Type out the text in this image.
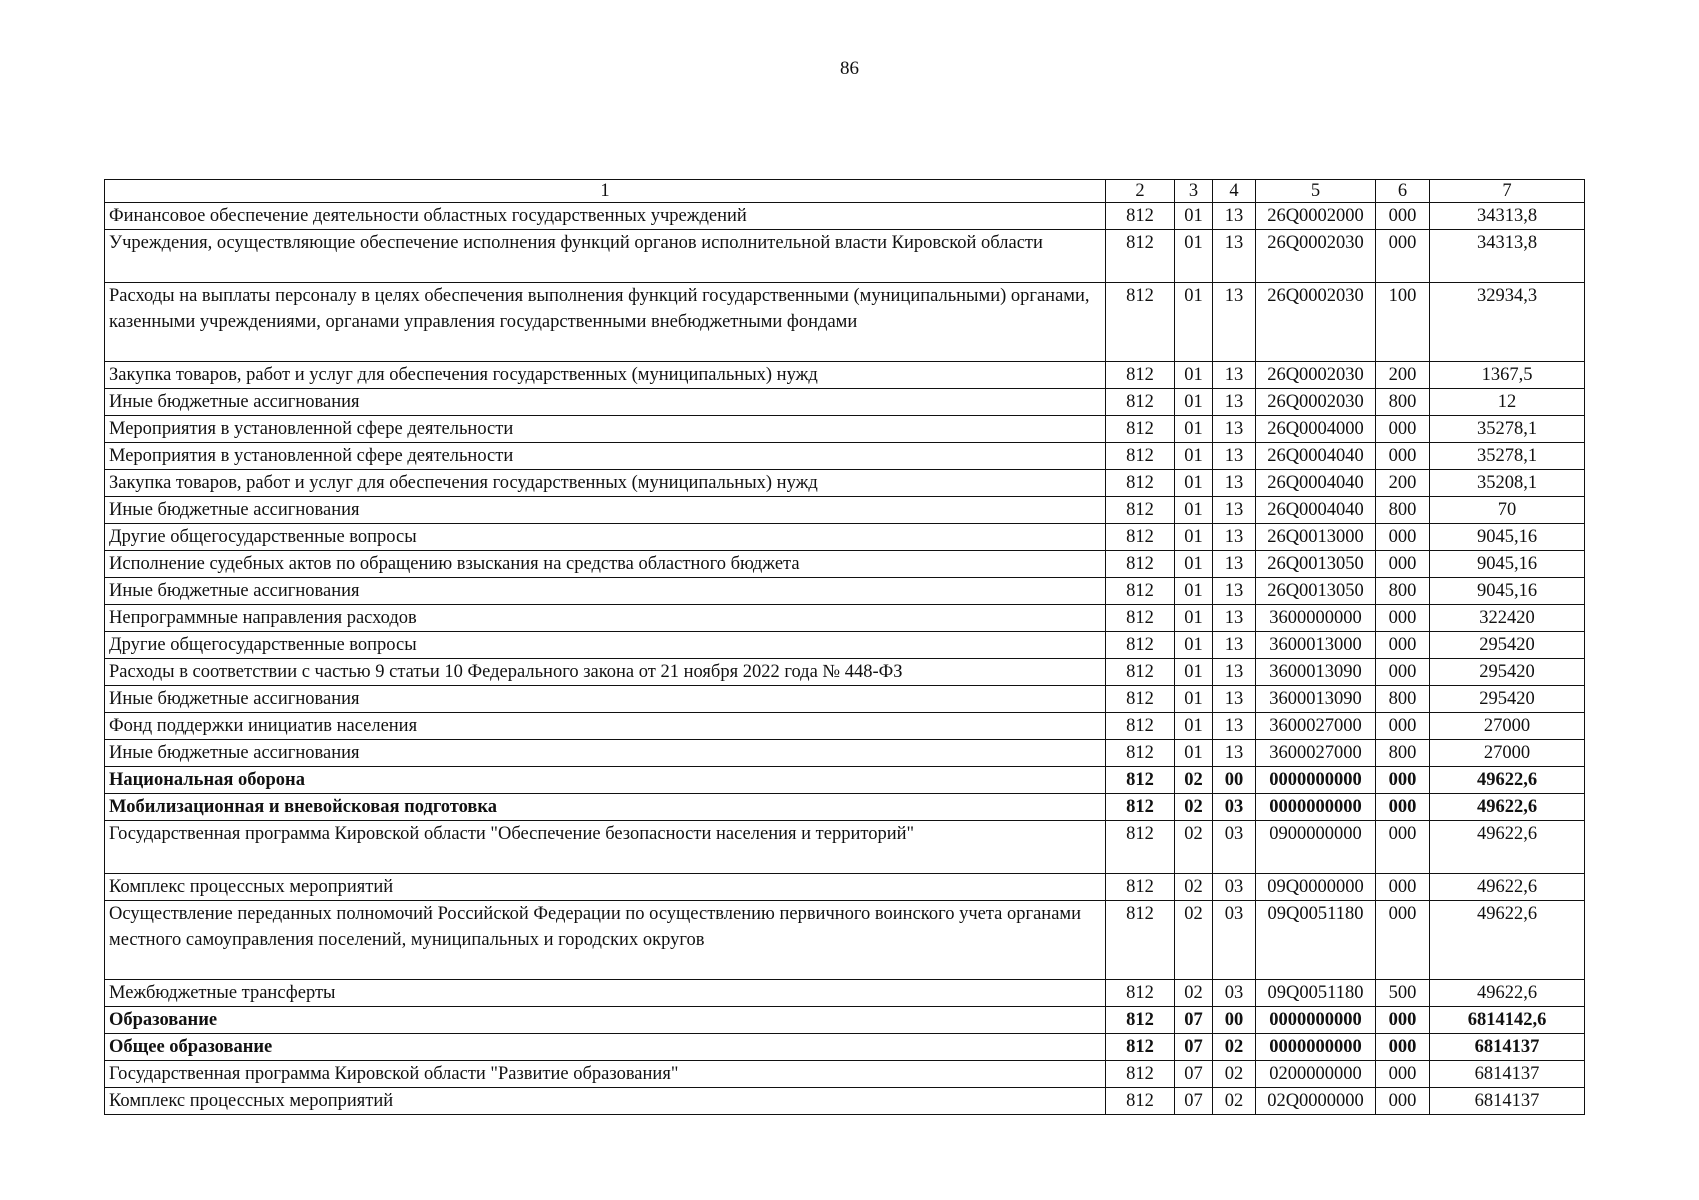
86
1	2	3	4	5	6	7
Финансовое обеспечение деятельности областных государственных учреждений	812	01	13	26Q0002000	000	34313,8
Учреждения, осуществляющие обеспечение исполнения функций органов исполнительной власти Кировской области	812	01	13	26Q0002030	000	34313,8
Расходы на выплаты персоналу в целях обеспечения выполнения функций государственными (муниципальными) органами, казенными учреждениями, органами управления государственными внебюджетными фондами	812	01	13	26Q0002030	100	32934,3
Закупка товаров, работ и услуг для обеспечения государственных (муниципальных) нужд	812	01	13	26Q0002030	200	1367,5
Иные бюджетные ассигнования	812	01	13	26Q0002030	800	12
Мероприятия в установленной сфере деятельности	812	01	13	26Q0004000	000	35278,1
Мероприятия в установленной сфере деятельности	812	01	13	26Q0004040	000	35278,1
Закупка товаров, работ и услуг для обеспечения государственных (муниципальных) нужд	812	01	13	26Q0004040	200	35208,1
Иные бюджетные ассигнования	812	01	13	26Q0004040	800	70
Другие общегосударственные вопросы	812	01	13	26Q0013000	000	9045,16
Исполнение судебных актов по обращению взыскания на средства областного бюджета	812	01	13	26Q0013050	000	9045,16
Иные бюджетные ассигнования	812	01	13	26Q0013050	800	9045,16
Непрограммные направления расходов	812	01	13	3600000000	000	322420
Другие общегосударственные вопросы	812	01	13	3600013000	000	295420
Расходы в соответствии с частью 9 статьи 10 Федерального закона от 21 ноября 2022 года № 448-ФЗ	812	01	13	3600013090	000	295420
Иные бюджетные ассигнования	812	01	13	3600013090	800	295420
Фонд поддержки инициатив населения	812	01	13	3600027000	000	27000
Иные бюджетные ассигнования	812	01	13	3600027000	800	27000
Национальная оборона	812	02	00	0000000000	000	49622,6
Мобилизационная и вневойсковая подготовка	812	02	03	0000000000	000	49622,6
Государственная программа Кировской области "Обеспечение безопасности населения и территорий"	812	02	03	0900000000	000	49622,6
Комплекс процессных мероприятий	812	02	03	09Q0000000	000	49622,6
Осуществление переданных полномочий Российской Федерации по осуществлению первичного воинского учета органами местного самоуправления поселений, муниципальных и городских округов	812	02	03	09Q0051180	000	49622,6
Межбюджетные трансферты	812	02	03	09Q0051180	500	49622,6
Образование	812	07	00	0000000000	000	6814142,6
Общее образование	812	07	02	0000000000	000	6814137
Государственная программа Кировской области "Развитие образования"	812	07	02	0200000000	000	6814137
Комплекс процессных мероприятий	812	07	02	02Q0000000	000	6814137
